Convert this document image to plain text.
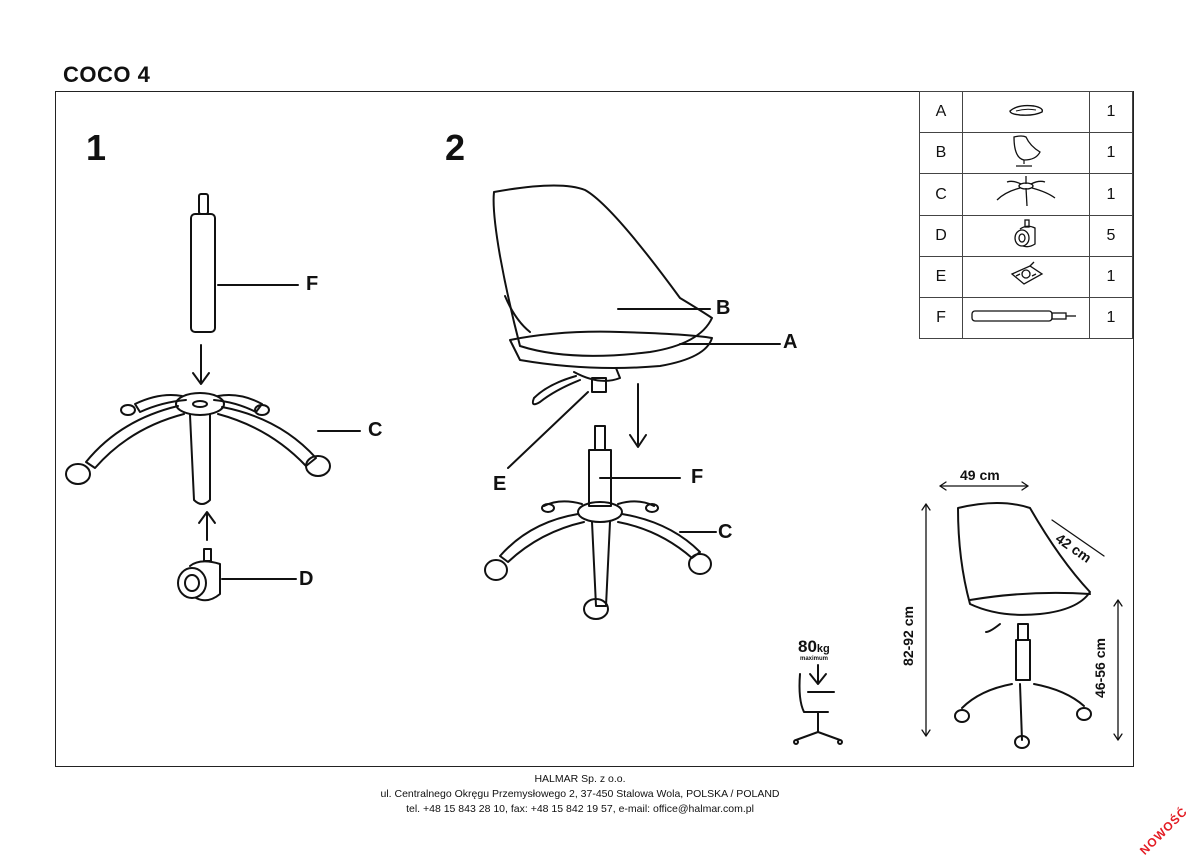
COCO 4
1	2
F
C
D
B
A
E	F
C
A		1
B		1
C		1
D		5
E		1
F		1
80kg
maximum
49 cm
42 cm
82-92 cm
46-56 cm
HALMAR Sp. z o.o.
ul. Centralnego Okręgu Przemysłowego 2, 37-450 Stalowa Wola, POLSKA / POLAND
tel. +48 15 843 28 10, fax: +48 15 842 19 57, e-mail: office@halmar.com.pl	NOWOŚĆ
